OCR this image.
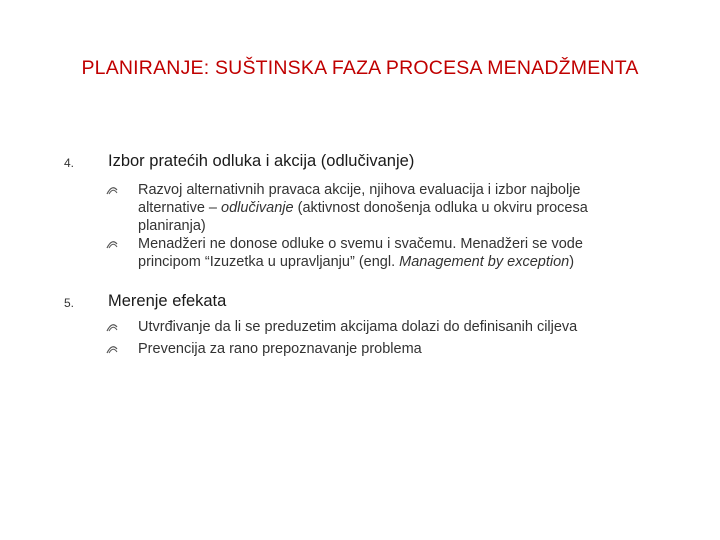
PLANIRANJE: SUŠTINSKA FAZA PROCESA MENADŽMENTA
4. Izbor pratećih odluka i akcija (odlučivanje)
Razvoj alternativnih pravaca akcije, njihova evaluacija i izbor najbolje alternative – odlučivanje (aktivnost donošenja odluka u okviru procesa planiranja)
Menadžeri ne donose odluke o svemu i svačemu. Menadžeri se vode principom “Izuzetka u upravljanju” (engl. Management by exception)
5. Merenje efekata
Utvrđivanje da li se preduzetim akcijama dolazi do definisanih ciljeva
Prevencija za rano prepoznavanje problema
